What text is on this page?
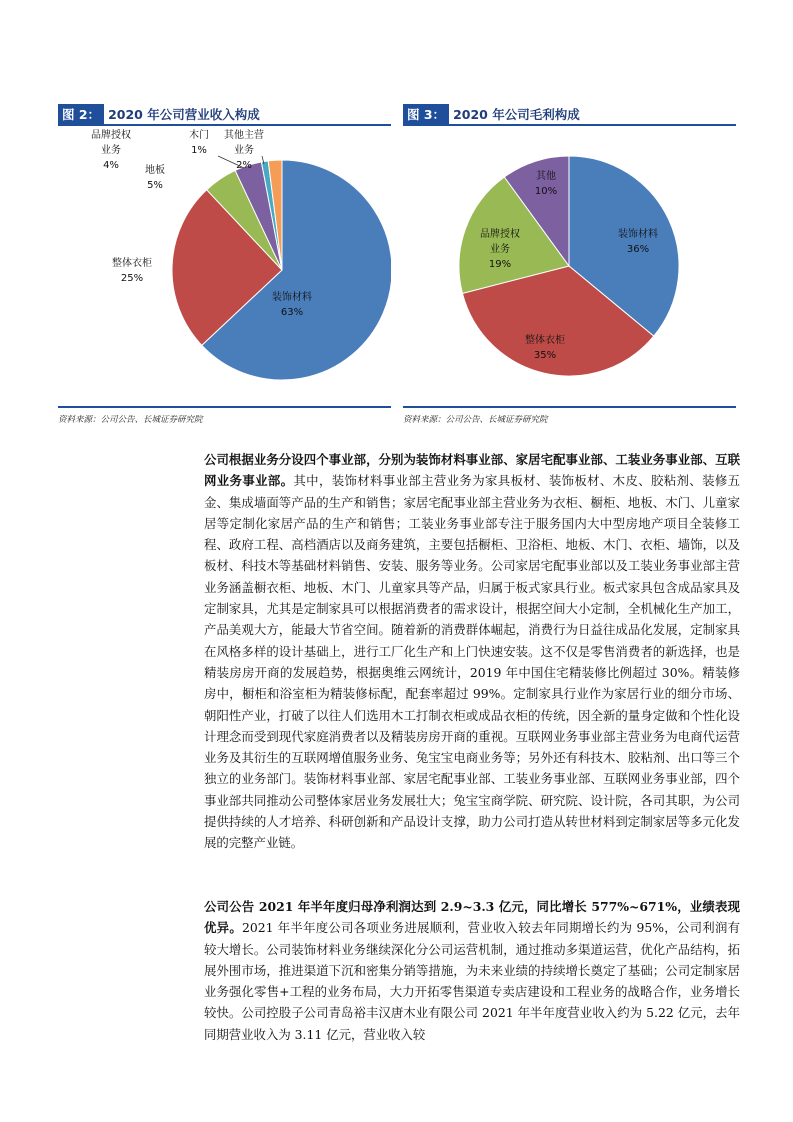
图 2： 2020 年公司营业收入构成
装饰材料 63%
整体衣柜 25%
地板 5%
品牌授权业务 4%
木门 1%
其他主营业务 2%
资料来源：公司公告、长城证券研究院
图 3： 2020 年公司毛利构成
装饰材料 36%
整体衣柜 35%
品牌授权业务 19%
其他 10%
资料来源：公司公告、长城证券研究院
公司根据业务分设四个事业部，分别为装饰材料事业部、家居宅配事业部、工装业务事业部、互联网业务事业部。其中，装饰材料事业部主营业务为家具板材、装饰板材、木皮、胶粘剂、装修五金、集成墙面等产品的生产和销售；家居宅配事业部主营业务为衣柜、橱柜、地板、木门、儿童家居等定制化家居产品的生产和销售；工装业务事业部专注于服务国内大中型房地产项目全装修工程、政府工程、高档酒店以及商务建筑，主要包括橱柜、卫浴柜、地板、木门、衣柜、墙饰，以及板材、科技木等基础材料销售、安装、服务等业务。公司家居宅配事业部以及工装业务事业部主营业务涵盖橱衣柜、地板、木门、儿童家具等产品，归属于板式家具行业。板式家具包含成品家具及定制家具，尤其是定制家具可以根据消费者的需求设计，根据空间大小定制，全机械化生产加工，产品美观大方，能最大节省空间。随着新的消费群体崛起，消费行为日益往成品化发展，定制家具在风格多样的设计基础上，进行工厂化生产和上门快速安装。这不仅是零售消费者的新选择，也是精装房房开商的发展趋势，根据奥维云网统计，2019 年中国住宅精装修比例超过 30%。精装修房中，橱柜和浴室柜为精装修标配，配套率超过 99%。定制家具行业作为家居行业的细分市场、朝阳性产业，打破了以往人们选用木工打制衣柜或成品衣柜的传统，因全新的量身定做和个性化设计理念而受到现代家庭消费者以及精装房房开商的重视。互联网业务事业部主营业务为电商代运营业务及其衍生的互联网增值服务业务、兔宝宝电商业务等；另外还有科技木、胶粘剂、出口等三个独立的业务部门。装饰材料事业部、家居宅配事业部、工装业务事业部、互联网业务事业部，四个事业部共同推动公司整体家居业务发展壮大；兔宝宝商学院、研究院、设计院，各司其职，为公司提供持续的人才培养、科研创新和产品设计支撑，助力公司打造从转世材料到定制家居等多元化发展的完整产业链。
公司公告 2021 年半年度归母净利润达到 2.9~3.3 亿元，同比增长 577%~671%，业绩表现优异。2021 年半年度公司各项业务进展顺利，营业收入较去年同期增长约为 95%，公司利润有较大增长。公司装饰材料业务继续深化分公司运营机制，通过推动多渠道运营，优化产品结构，拓展外围市场，推进渠道下沉和密集分销等措施，为未来业绩的持续增长奠定了基础；公司定制家居业务强化零售+工程的业务布局，大力开拓零售渠道专卖店建设和工程业务的战略合作，业务增长较快。公司控股子公司青岛裕丰汉唐木业有限公司 2021 年半年度营业收入约为 5.22 亿元，去年同期营业收入为 3.11 亿元，营业收入较
